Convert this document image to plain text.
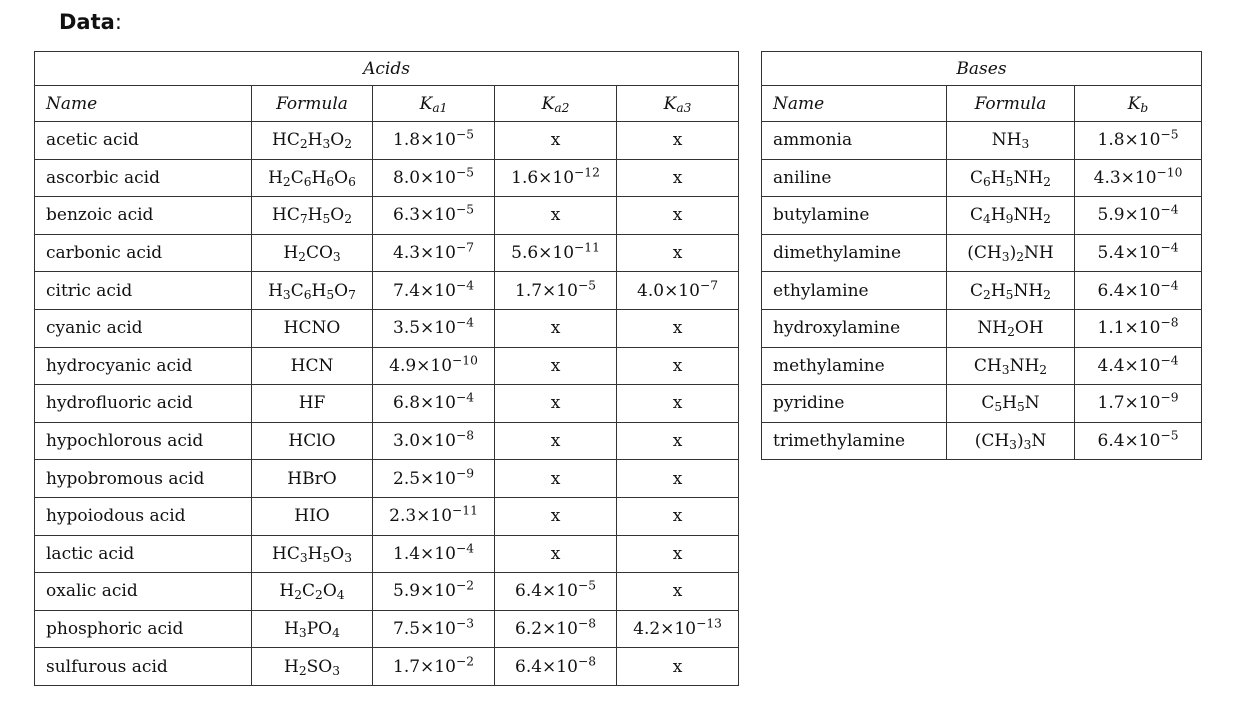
Data:
Acids				
Name	Formula	$K_{a1}$	$K_{a2}$	$K_{a3}$
acetic acid	$HC_2H_3O_2$	$1.8\times 10^{-5}$	x	x
ascorbic acid	$H_2C_6H_6O_6$	$8.0\times 10^{-5}$	$1.6\times 10^{-12}$	x
benzoic acid	$HC_7H_5O_2$	$6.3\times 10^{-5}$	x	x
carbonic acid	$H_2CO_3$	$4.3\times 10^{-7}$	$5.6\times 10^{-11}$	x
citric acid	$H_3C_6H_5O_7$	$7.4\times 10^{-4}$	$1.7\times 10^{-5}$	$4.0\times 10^{-7}$
cyanic acid	HCNO	$3.5\times 10^{-4}$	x	x
hydrocyanic acid	HCN	$4.9\times 10^{-10}$	x	x
hydrofluoric acid	HF	$6.8\times 10^{-4}$	x	x
hypochlorous acid	HClO	$3.0\times 10^{-8}$	x	x
hypobromous acid	HBrO	$2.5\times 10^{-9}$	x	x
hypoiodous acid	HIO	$2.3\times 10^{-11}$	x	x
lactic acid	$HC_3H_5O_3$	$1.4\times 10^{-4}$	x	x
oxalic acid	$H_2C_2O_4$	$5.9\times 10^{-2}$	$6.4\times 10^{-5}$	x
phosphoric acid	$H_3PO_4$	$7.5\times 10^{-3}$	$6.2\times 10^{-8}$	$4.2\times 10^{-13}$
sulfurous acid	$H_2SO_3$	$1.7\times 10^{-2}$	$6.4\times 10^{-8}$	x
Bases		
Name	Formula	$K_b$
ammonia	$NH_3$	$1.8\times 10^{-5}$
aniline	$C_6H_5NH_2$	$4.3\times 10^{-10}$
butylamine	$C_4H_9NH_2$	$5.9\times 10^{-4}$
dimethylamine	$(CH_3)_2NH$	$5.4\times 10^{-4}$
ethylamine	$C_2H_5NH_2$	$6.4\times 10^{-4}$
hydroxylamine	$NH_2OH$	$1.1\times 10^{-8}$
methylamine	$CH_3NH_2$	$4.4\times 10^{-4}$
pyridine	$C_5H_5N$	$1.7\times 10^{-9}$
trimethylamine	$(CH_3)_3N$	$6.4\times 10^{-5}$
